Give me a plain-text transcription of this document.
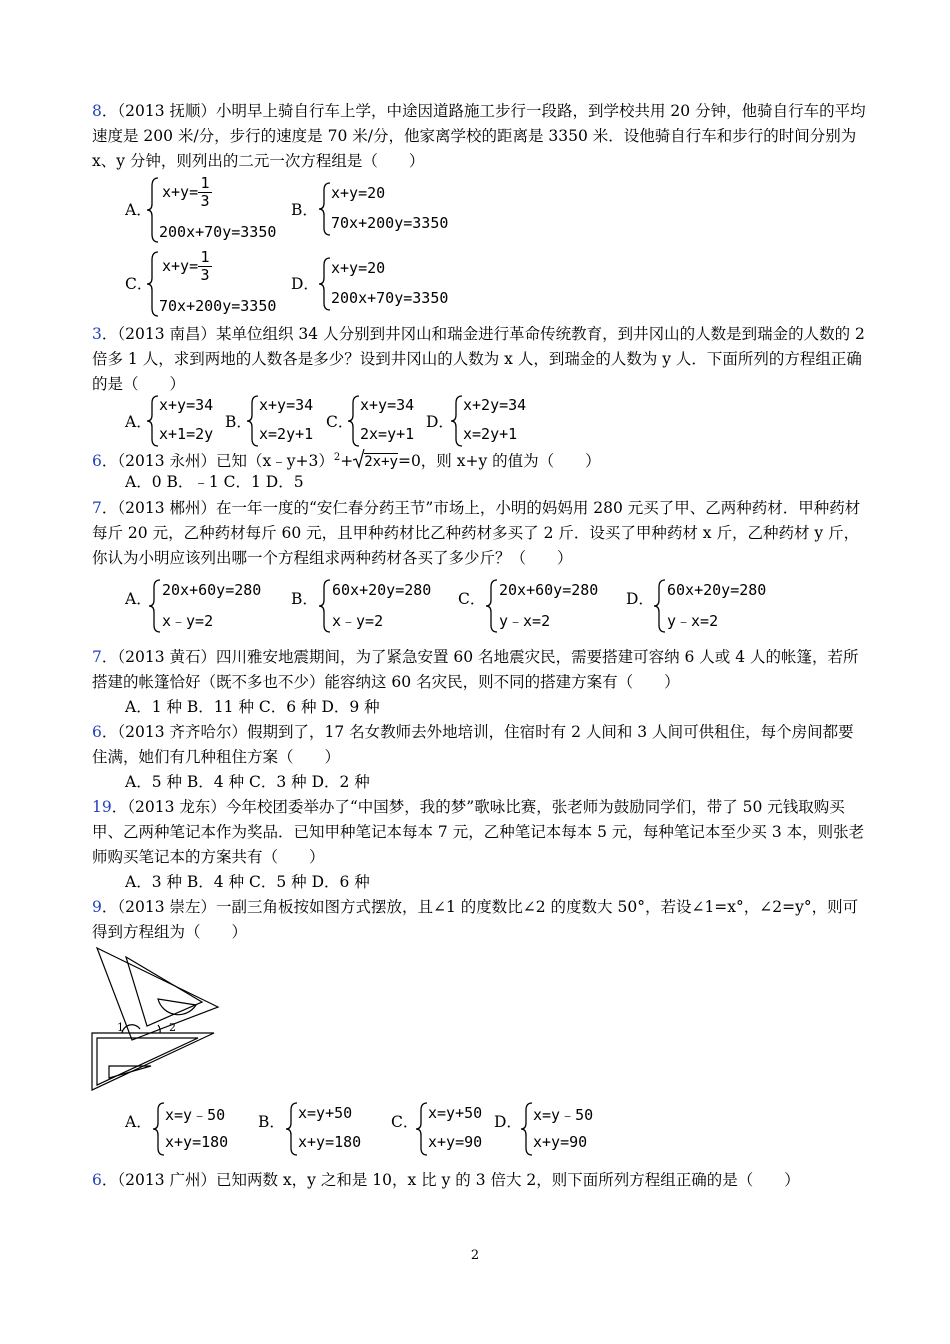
8．（2013 抚顺）小明早上骑自行车上学，中途因道路施工步行一段路，到学校共用 20 分钟，他骑自行车的平均速度是 200 米/分，步行的速度是 70 米/分，他家离学校的距离是 3350 米．设他骑自行车和步行的时间分别为 x、y 分钟，则列出的二元一次方程组是（　　）
A．
x+y= 1
3
200x+70y=3350
B．
x+y=20
70x+200y=3350
C．
x+y= 1
3
70x+200y=3350
D．
x+y=20
200x+70y=3350
3．（2013 南昌）某单位组织 34 人分别到井冈山和瑞金进行革命传统教育，到井冈山的人数是到瑞金的人数的 2 倍多 1 人，求到两地的人数各是多少？设到井冈山的人数为 x 人，到瑞金的人数为 y 人．下面所列的方程组正确的是（　　）
A．
x+y=34
x+1=2y
B．
x+y=34
x=2y+1
C．
x+y=34
2x=y+1
D．
x+2y=34
x=2y+1
6．（2013 永州）已知（x﹣y+3）$^2$+ 2x+y=0，则 x+y 的值为（　　）
A．0 B．﹣1 C．1 D．5
7．（2013 郴州）在一年一度的“安仁春分药王节”市场上，小明的妈妈用 280 元买了甲、乙两种药材．甲种药材每斤 20 元，乙种药材每斤 60 元，且甲种药材比乙种药材多买了 2 斤．设买了甲种药材 x 斤，乙种药材 y 斤，你认为小明应该列出哪一个方程组求两种药材各买了多少斤？（　　）
A． 20x+60y=280
x﹣y=2
B． 60x+20y=280
x﹣y=2
C． 20x+60y=280
y﹣x=2
D． 60x+20y=280
y﹣x=2
7．（2013 黄石）四川雅安地震期间，为了紧急安置 60 名地震灾民，需要搭建可容纳 6 人或 4 人的帐篷，若所搭建的帐篷恰好（既不多也不少）能容纳这 60 名灾民，则不同的搭建方案有（　　）
A．1 种 B．11 种 C．6 种 D．9 种
6．（2013 齐齐哈尔）假期到了，17 名女教师去外地培训，住宿时有 2 人间和 3 人间可供租住，每个房间都要住满，她们有几种租住方案（　　）
A．5 种 B．4 种 C．3 种 D．2 种
19．（2013 龙东）今年校团委举办了“中国梦，我的梦”歌咏比赛，张老师为鼓励同学们，带了 50 元钱取购买甲、乙两种笔记本作为奖品．已知甲种笔记本每本 7 元，乙种笔记本每本 5 元，每种笔记本至少买 3 本，则张老师购买笔记本的方案共有（　　）
A．3 种 B．4 种 C．5 种 D．6 种
9．（2013 崇左）一副三角板按如图方式摆放，且∠1 的度数比∠2 的度数大 50°，若设∠1=x°，∠2=y°，则可得到方程组为（　　）
1	2
A． x=y﹣50
x+y=180
B． x=y+50
x+y=180
C． x=y+50
x+y=90
D． x=y﹣50
x+y=90
6．（2013 广州）已知两数 x，y 之和是 10，x 比 y 的 3 倍大 2，则下面所列方程组正确的是（　　）
2
